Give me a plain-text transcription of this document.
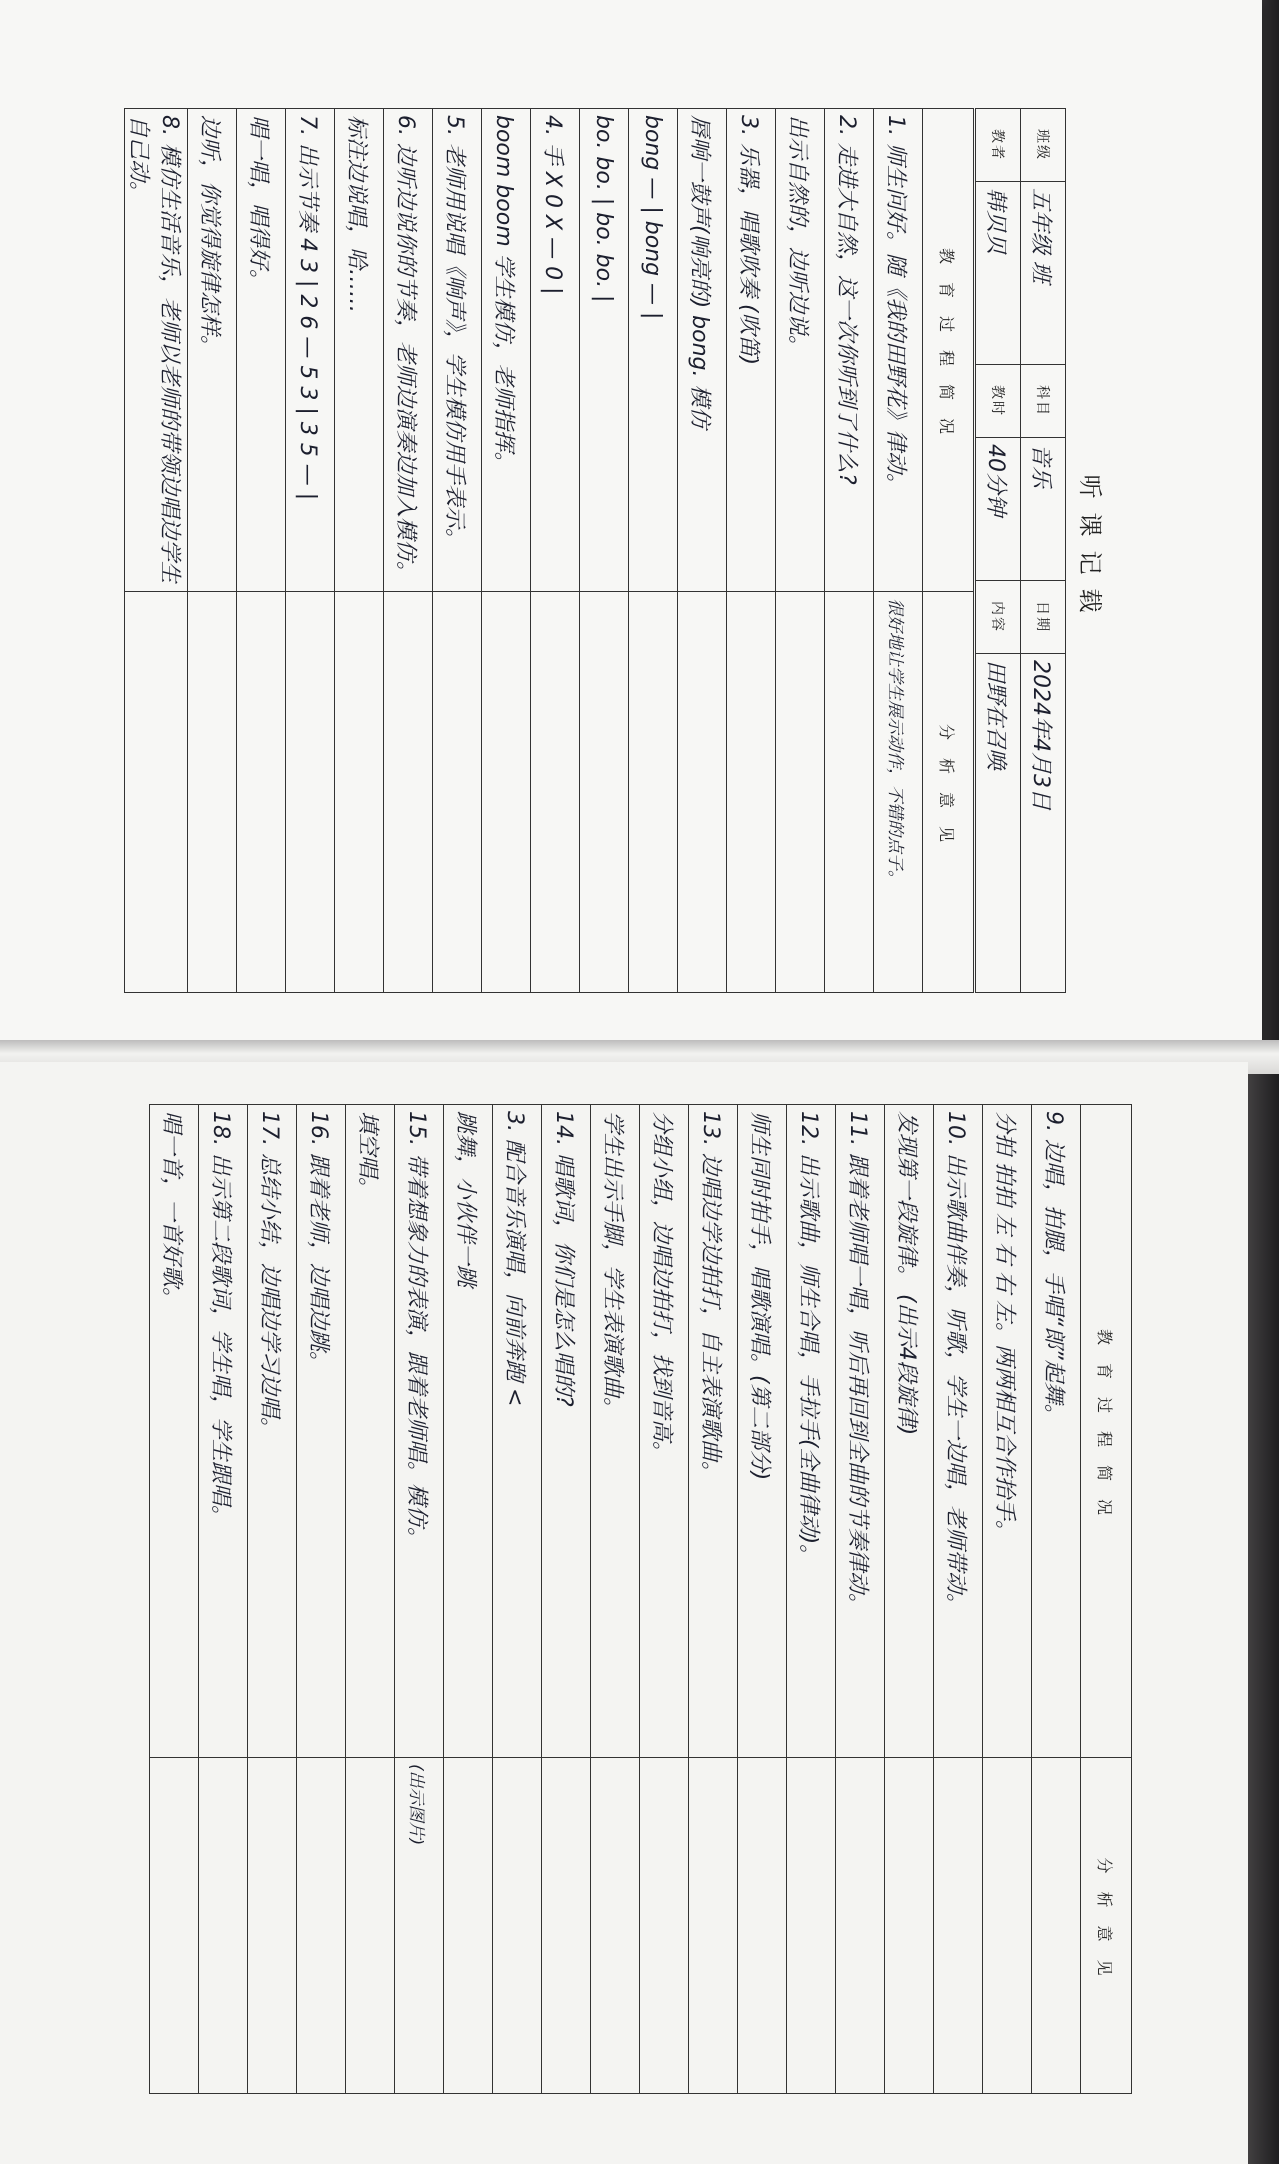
听课记载
班级	五年级 班	科目	音乐	日期	2024年4月3日
教者	韩贝贝	教时	40分钟	内容	田野在召唤
教育过程简况	分析意见
1. 师生问好。随《我的田野花》律动。	很好地让学生展示动作，不错的点子。
2. 走进大自然，这一次你听到了什么?	
出示自然的，边听边说。	
3. 乐器，唱歌吹奏 (吹笛)	
唇响一鼓声(响亮的) bong. 模仿	
bong — | bong — |	
bo. bo. | bo. bo. |	
4. 手 X 0 X — 0 |	
boom boom 学生模仿，老师指挥。	
5. 老师用说唱《响声》，学生模仿用手表示。	
6. 边听边说你的节奏，老师边演奏边加入模仿。	
标注边说唱，哈……	
7. 出示节奏 4 3 | 2 6 — 5 3 | 3 5 — |	
唱一唱，唱得好。	
边听，你觉得旋律怎样。	
8. 模仿生活音乐，老师以老师的带领边唱边学生自己动。	
教育过程简况	分析意见
9. 边唱，拍腿，手唱“郎”起舞。	
分拍 拍拍 左 右 右 左。两两相互合作抬手。	
10. 出示歌曲伴奏，听歌，学生一边唱，老师带动。	
发现第一段旋律。 (出示4段旋律)	
11. 跟着老师唱一唱，听后再回到全曲的节奏律动。	
12. 出示歌曲，师生合唱，手拉手(全曲律动)。	
师生同时拍手，唱歌演唱。(第二部分)	
13. 边唱边学边拍打，自主表演歌曲。	
分组小组，边唱边拍打，找到音高。	
学生出示手脚，学生表演歌曲。	
14. 唱歌词，你们是怎么唱的?	
3. 配合音乐演唱，向前奔跑 <	
跳舞，小伙伴一跳	
15. 带着想象力的表演，跟着老师唱。模仿。	(出示图片)
填空唱。	
16. 跟着老师，边唱边跳。	
17. 总结小结，边唱边学习边唱。	
18. 出示第二段歌词，学生唱，学生跟唱。	
唱一首，一首好歌。	
